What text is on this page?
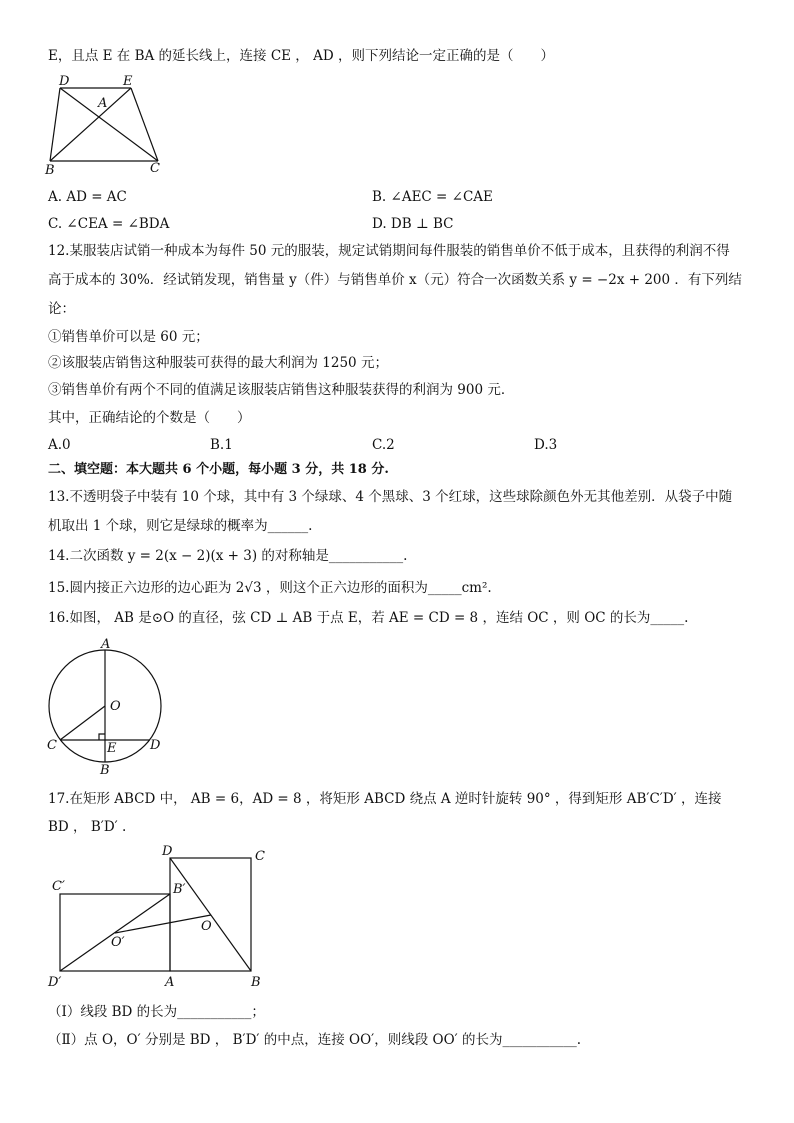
E，且点 E 在 BA 的延长线上，连接 CE ， AD ，则下列结论一定正确的是（　　）
D	E
A
B	C
A. AD = AC	B. ∠AEC = ∠CAE
C. ∠CEA = ∠BDA	D. DB ⊥ BC
12.某服装店试销一种成本为每件 50 元的服装，规定试销期间每件服装的销售单价不低于成本，且获得的利润不得
高于成本的 30%．经试销发现，销售量 y（件）与销售单价 x（元）符合一次函数关系 y = −2x + 200 ．有下列结
论：
①销售单价可以是 60 元；
②该服装店销售这种服装可获得的最大利润为 1250 元；
③销售单价有两个不同的值满足该服装店销售这种服装获得的利润为 900 元．
其中，正确结论的个数是（　　）
A.0	B.1	C.2	D.3
二、填空题：本大题共 6 个小题，每小题 3 分，共 18 分.
13.不透明袋子中装有 10 个球，其中有 3 个绿球、4 个黑球、3 个红球，这些球除颜色外无其他差别．从袋子中随
机取出 1 个球，则它是绿球的概率为______.
14.二次函数 y = 2(x − 2)(x + 3) 的对称轴是___________.
15.圆内接正六边形的边心距为 2√3 ，则这个正六边形的面积为_____cm².
16.如图， AB 是⊙O 的直径，弦 CD ⊥ AB 于点 E，若 AE = CD = 8 ，连结 OC ，则 OC 的长为_____.
A
O
C	E	D
B
17.在矩形 ABCD 中， AB = 6，AD = 8 ，将矩形 ABCD 绕点 A 逆时针旋转 90° ，得到矩形 AB′C′D′ ，连接
BD ， B′D′ .
D	C
C′	B′
O
O′
D′	A	B
（Ⅰ）线段 BD 的长为___________；
（Ⅱ）点 O，O′ 分别是 BD ， B′D′ 的中点，连接 OO′，则线段 OO′ 的长为___________.
